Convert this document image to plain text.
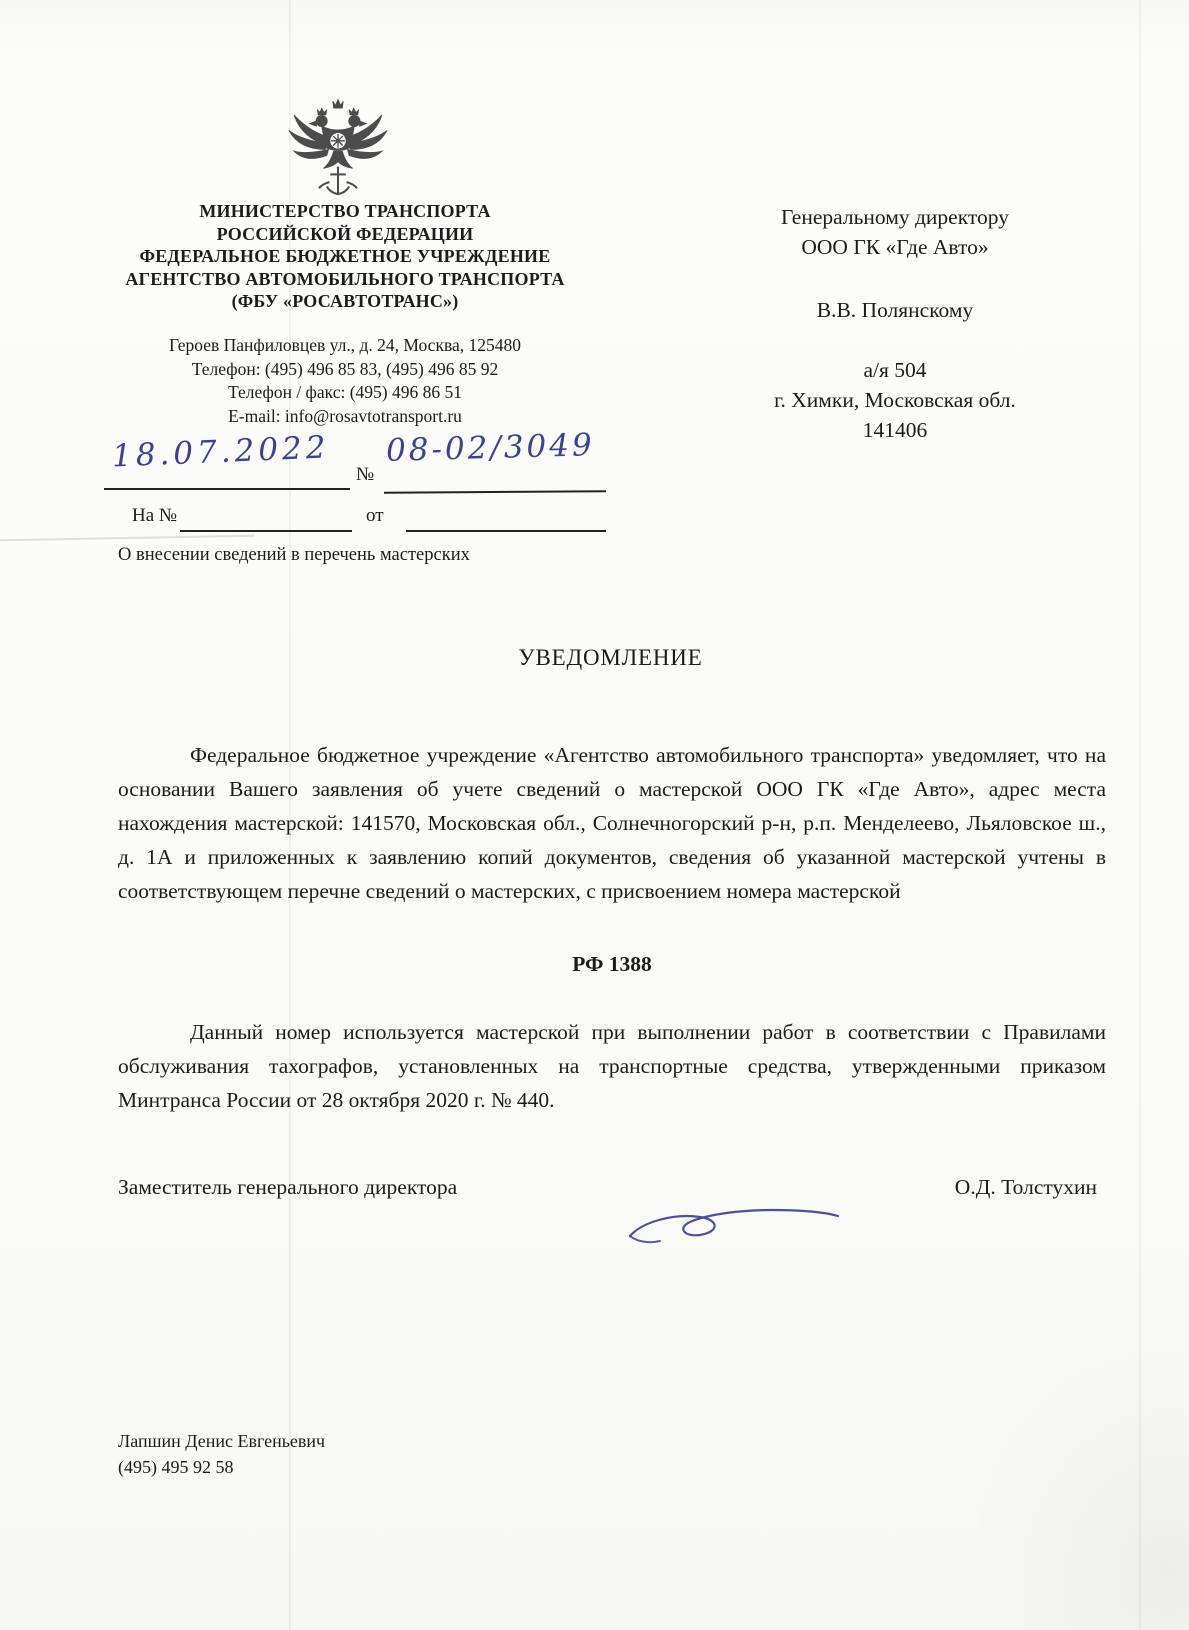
МИНИСТЕРСТВО ТРАНСПОРТА
РОССИЙСКОЙ ФЕДЕРАЦИИ
ФЕДЕРАЛЬНОЕ БЮДЖЕТНОЕ УЧРЕЖДЕНИЕ
АГЕНТСТВО АВТОМОБИЛЬНОГО ТРАНСПОРТА
(ФБУ «РОСАВТОТРАНС»)
Героев Панфиловцев ул., д. 24, Москва, 125480
Телефон: (495) 496 85 83, (495) 496 85 92
Телефон / факс: (495) 496 86 51
E-mail: info@rosavtotransport.ru
18.07.2022 №
08-02/3049
На №	от
О внесении сведений в перечень мастерских
Генеральному директору
ООО ГК «Где Авто»
В.В. Полянскому
а/я 504
г. Химки, Московская обл.
141406
УВЕДОМЛЕНИЕ
Федеральное бюджетное учреждение «Агентство автомобильного транспорта» уведомляет, что на основании Вашего заявления об учете сведений о мастерской ООО ГК «Где Авто», адрес места нахождения мастерской: 141570, Московская обл., Солнечногорский р-н, р.п. Менделеево, Льяловское ш., д. 1А и приложенных к заявлению копий документов, сведения об указанной мастерской учтены в соответствующем перечне сведений о мастерских, с присвоением номера мастерской
РФ 1388
Данный номер используется мастерской при выполнении работ в соответствии с Правилами обслуживания тахографов, установленных на транспортные средства, утвержденными приказом Минтранса России от 28 октября 2020 г. № 440.
Заместитель генерального директора	О.Д. Толстухин
Лапшин Денис Евгеньевич
(495) 495 92 58
